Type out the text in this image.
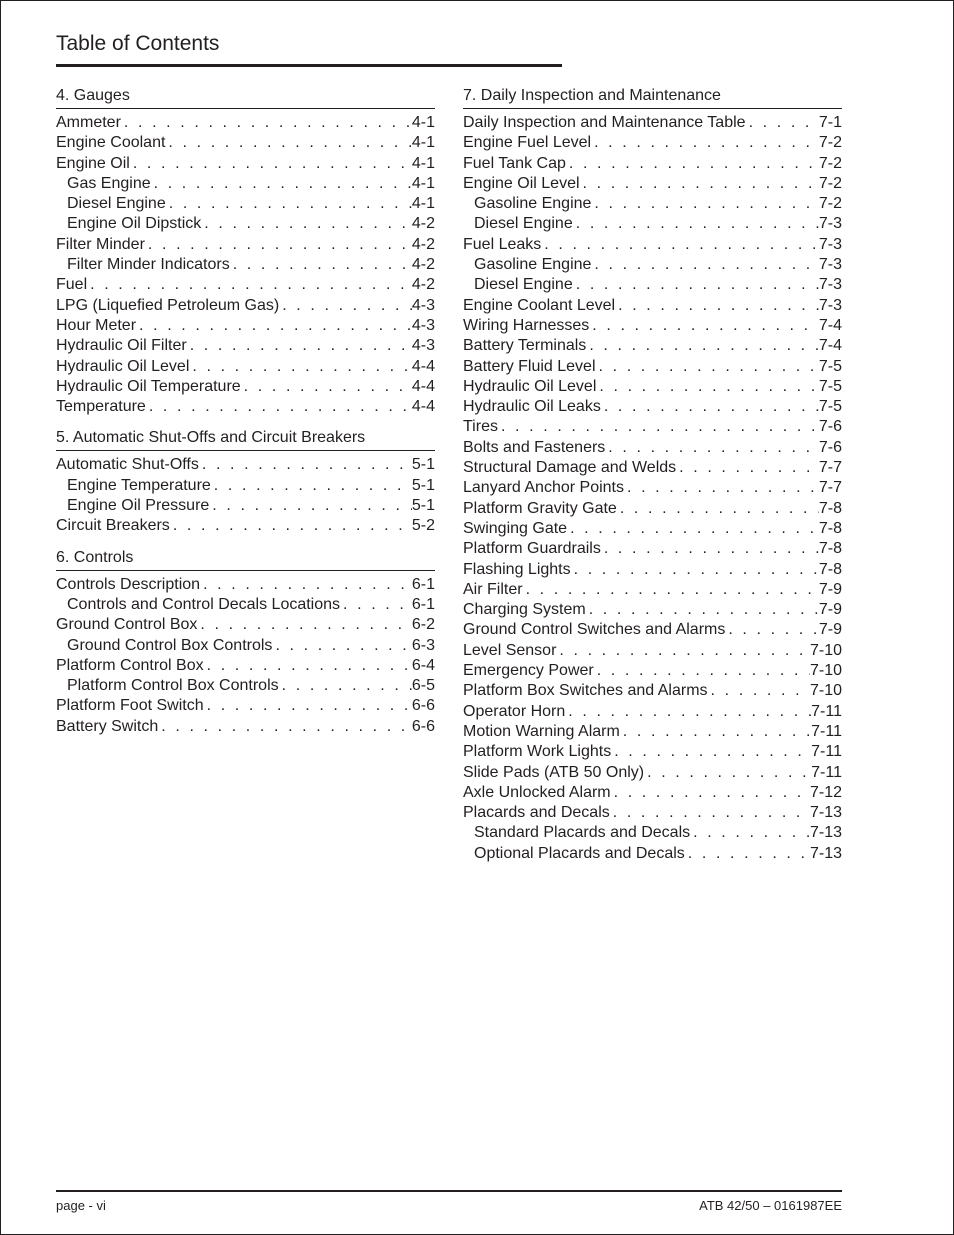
Table of Contents
4. Gauges
Ammeter . . .	4-1
Engine Coolant . . .	4-1
Engine Oil . . .	4-1
Gas Engine . . .	4-1
Diesel Engine . . .	4-1
Engine Oil Dipstick . . .	4-2
Filter Minder . . .	4-2
Filter Minder Indicators . . .	4-2
Fuel . . .	4-2
LPG (Liquefied Petroleum Gas) . . .	4-3
Hour Meter . . .	4-3
Hydraulic Oil Filter . . .	4-3
Hydraulic Oil Level . . .	4-4
Hydraulic Oil Temperature . . .	4-4
Temperature . . .	4-4
5. Automatic Shut-Offs and Circuit Breakers
Automatic Shut-Offs . . .	5-1
Engine Temperature . . .	5-1
Engine Oil Pressure . . .	5-1
Circuit Breakers . . .	5-2
6. Controls
Controls Description . . .	6-1
Controls and Control Decals Locations . . .	6-1
Ground Control Box . . .	6-2
Ground Control Box Controls . . .	6-3
Platform Control Box . . .	6-4
Platform Control Box Controls . . .	6-5
Platform Foot Switch . . .	6-6
Battery Switch . . .	6-6
7. Daily Inspection and Maintenance
Daily Inspection and Maintenance Table . . .	7-1
Engine Fuel Level . . .	7-2
Fuel Tank Cap . . .	7-2
Engine Oil Level . . .	7-2
Gasoline Engine . . .	7-2
Diesel Engine . . .	7-3
Fuel Leaks . . .	7-3
Gasoline Engine . . .	7-3
Diesel Engine . . .	7-3
Engine Coolant Level . . .	7-3
Wiring Harnesses . . .	7-4
Battery Terminals . . .	7-4
Battery Fluid Level . . .	7-5
Hydraulic Oil Level . . .	7-5
Hydraulic Oil Leaks . . .	7-5
Tires . . .	7-6
Bolts and Fasteners . . .	7-6
Structural Damage and Welds . . .	7-7
Lanyard Anchor Points . . .	7-7
Platform Gravity Gate . . .	7-8
Swinging Gate . . .	7-8
Platform Guardrails . . .	7-8
Flashing Lights . . .	7-8
Air Filter . . .	7-9
Charging System . . .	7-9
Ground Control Switches and Alarms . . .	7-9
Level Sensor . . .	7-10
Emergency Power . . .	7-10
Platform Box Switches and Alarms . . .	7-10
Operator Horn . . .	7-11
Motion Warning Alarm . . .	7-11
Platform Work Lights . . .	7-11
Slide Pads (ATB 50 Only) . . .	7-11
Axle Unlocked Alarm . . .	7-12
Placards and Decals . . .	7-13
Standard Placards and Decals . . .	7-13
Optional Placards and Decals . . .	7-13
page - vi	ATB 42/50 – 0161987EE
